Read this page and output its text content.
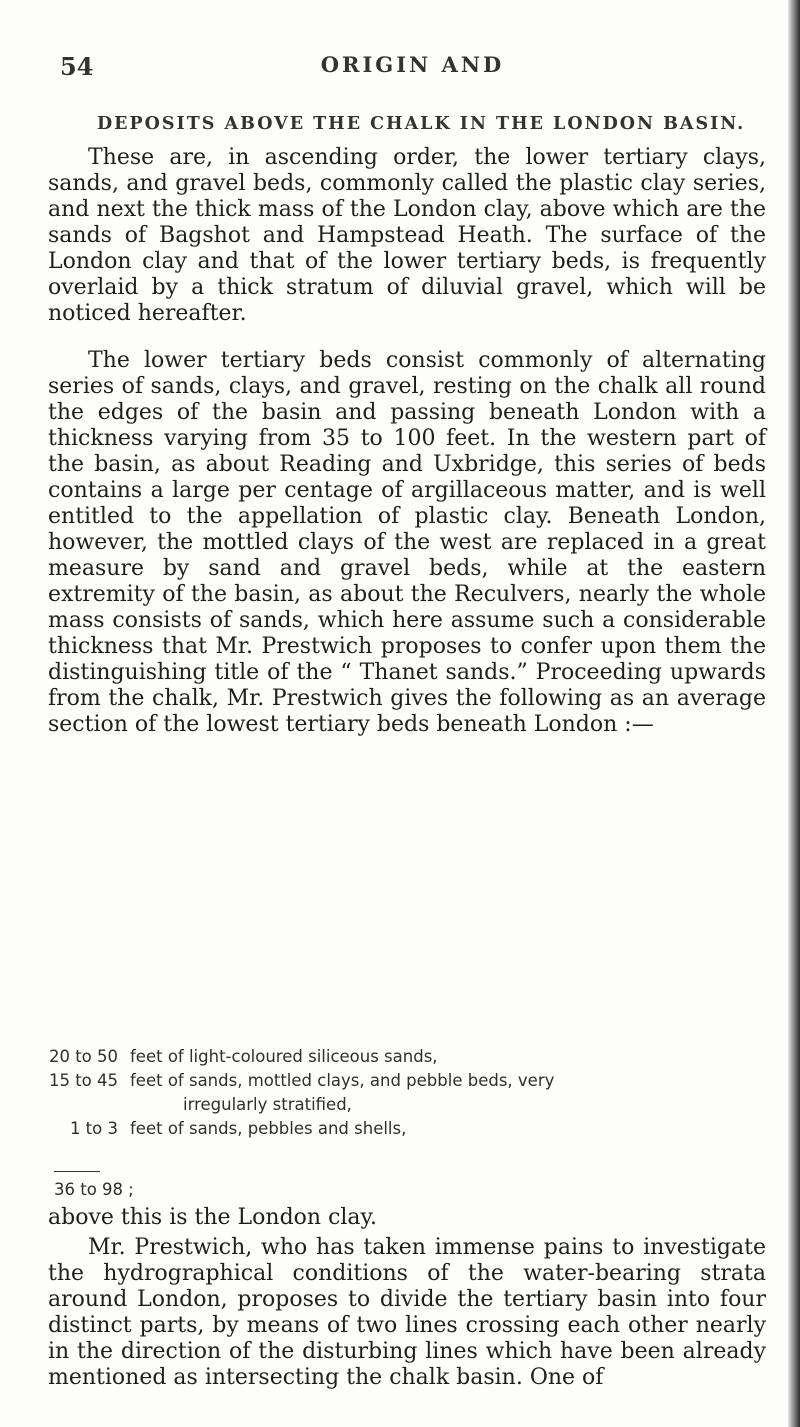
54	ORIGIN AND
DEPOSITS ABOVE THE CHALK IN THE LONDON BASIN.
These are, in ascending order, the lower tertiary clays, sands, and gravel beds, commonly called the plastic clay series, and next the thick mass of the London clay, above which are the sands of Bagshot and Hampstead Heath. The surface of the London clay and that of the lower tertiary beds, is frequently overlaid by a thick stratum of diluvial gravel, which will be noticed hereafter.
The lower tertiary beds consist commonly of alternating series of sands, clays, and gravel, resting on the chalk all round the edges of the basin and passing beneath London with a thickness varying from 35 to 100 feet. In the western part of the basin, as about Reading and Uxbridge, this series of beds contains a large per centage of argillaceous matter, and is well entitled to the appellation of plastic clay. Beneath London, however, the mottled clays of the west are replaced in a great measure by sand and gravel beds, while at the eastern extremity of the basin, as about the Reculvers, nearly the whole mass consists of sands, which here assume such a considerable thickness that Mr. Prestwich proposes to confer upon them the distinguishing title of the “ Thanet sands.” Proceeding upwards from the chalk, Mr. Prestwich gives the following as an average section of the lowest tertiary beds beneath London :—
20 to 50 feet of light-coloured siliceous sands,
15 to 45 feet of sands, mottled clays, and pebble beds, very
irregularly stratified,
1 to 3 feet of sands, pebbles and shells,
36 to 98 ;
above this is the London clay.
Mr. Prestwich, who has taken immense pains to investigate the hydrographical conditions of the water-bearing strata around London, proposes to divide the tertiary basin into four distinct parts, by means of two lines crossing each other nearly in the direction of the disturbing lines which have been already mentioned as intersecting the chalk basin. One of
